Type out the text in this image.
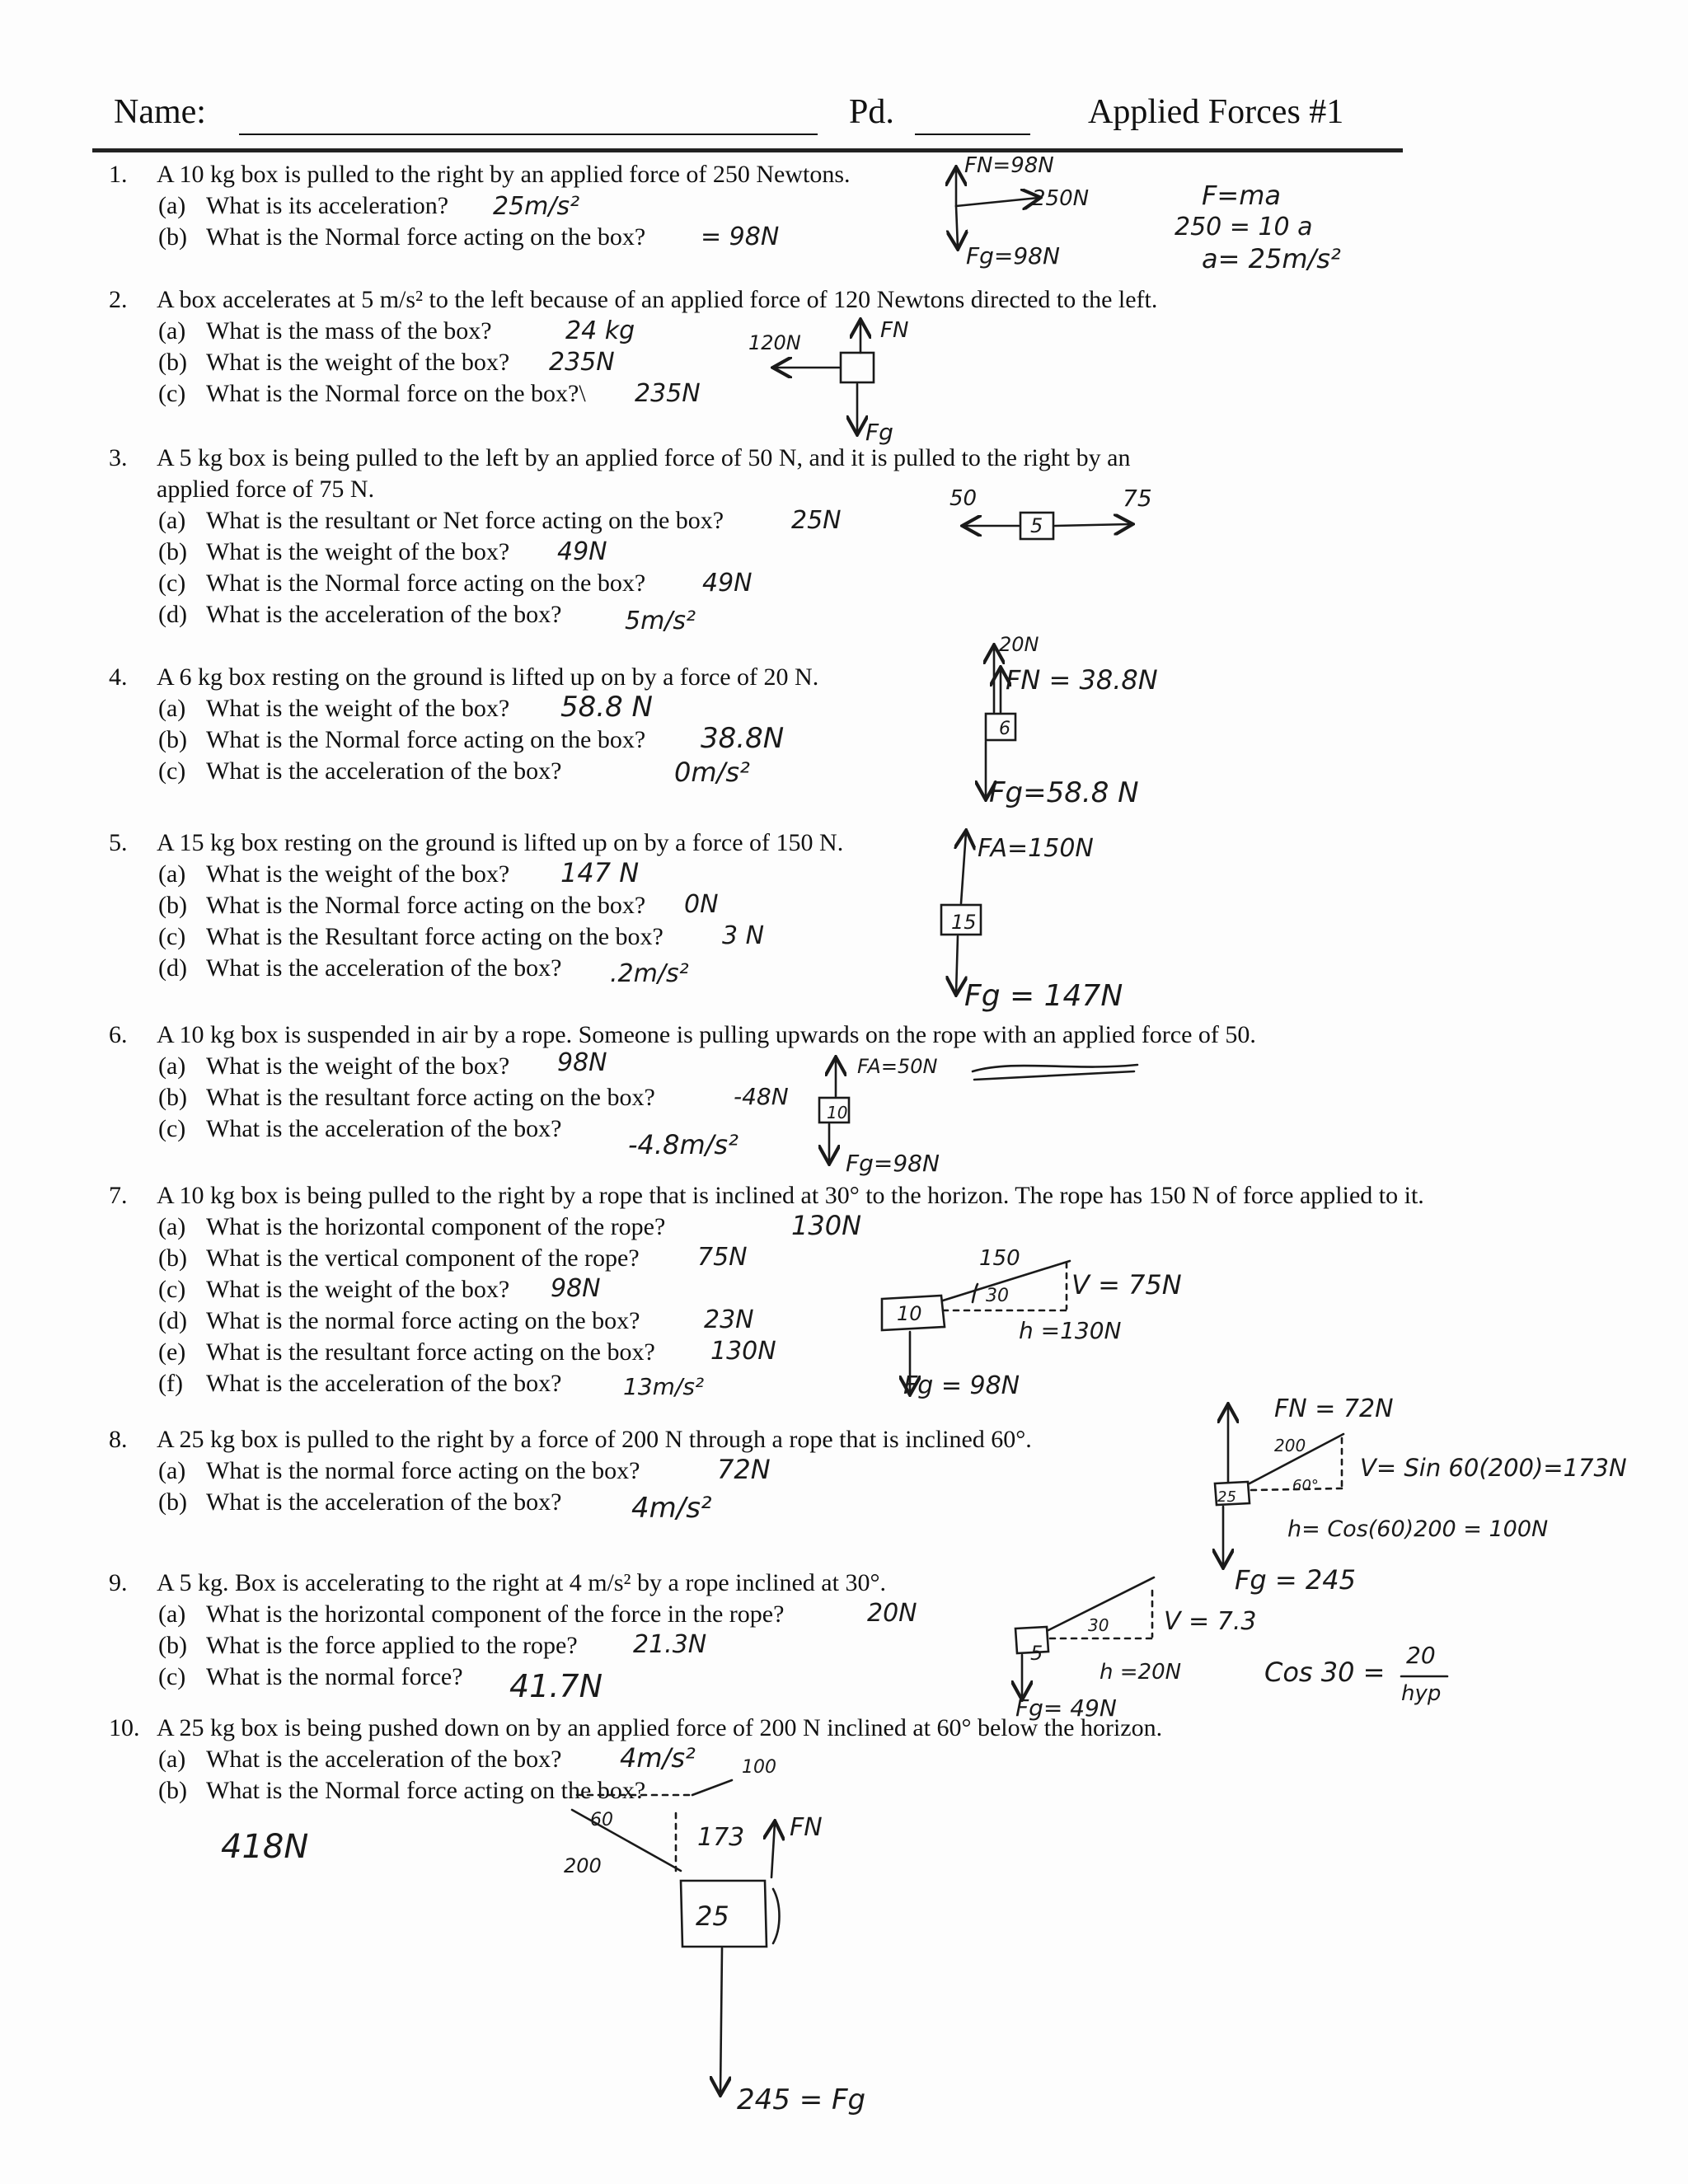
Name:	Pd.	Applied Forces #1
1. A 10 kg box is pulled to the right by an applied force of 250 Newtons.
(a) What is its acceleration? 25m/s²
(b) What is the Normal force acting on the box? = 98N
FN=98N
250N
Fg=98N
F=ma
250 = 10 a
a= 25m/s²
2. A box accelerates at 5 m/s² to the left because of an applied force of 120 Newtons directed to the left.
(a) What is the mass of the box?	24 kg
(b) What is the weight of the box? 235N
(c) What is the Normal force on the box?\ 235N
120N	FN
Fg
3. A 5 kg box is being pulled to the left by an applied force of 50 N, and it is pulled to the right by an
applied force of 75 N.
(a) What is the resultant or Net force acting on the box?	25N
(b) What is the weight of the box? 49N
(c) What is the Normal force acting on the box? 49N
(d) What is the acceleration of the box?	5m/s²
50	75
5
4. A 6 kg box resting on the ground is lifted up on by a force of 20 N.
(a) What is the weight of the box? 58.8 N
(b) What is the Normal force acting on the box? 38.8N
(c) What is the acceleration of the box?	0m/s²
20N
FN = 38.8N
6
Fg=58.8 N
5. A 15 kg box resting on the ground is lifted up on by a force of 150 N.
(a) What is the weight of the box? 147 N
(b) What is the Normal force acting on the box? 0N
(c) What is the Resultant force acting on the box? 3 N
(d) What is the acceleration of the box? .2m/s²
FA=150N
15
Fg = 147N
6. A 10 kg box is suspended in air by a rope. Someone is pulling upwards on the rope with an applied force of 50.
(a) What is the weight of the box? 98N
(b) What is the resultant force acting on the box?	-48N
(c) What is the acceleration of the box?
-4.8m/s²
FA=50N
10
Fg=98N
7. A 10 kg box is being pulled to the right by a rope that is inclined at 30° to the horizon. The rope has 150 N of force applied to it.
(a) What is the horizontal component of the rope?	130N
(b) What is the vertical component of the rope? 75N
(c) What is the weight of the box? 98N
(d) What is the normal force acting on the box?	23N
(e) What is the resultant force acting on the box? 130N
(f) What is the acceleration of the box?	13m/s²
150
30 V = 75N
h =130N
10
Fg = 98N
8. A 25 kg box is pulled to the right by a force of 200 N through a rope that is inclined 60°.
(a) What is the normal force acting on the box?	72N
(b) What is the acceleration of the box? 4m/s²
FN = 72N
200
60°
V= Sin 60(200)=173N
h= Cos(60)200 = 100N
25
Fg = 245
9. A 5 kg. Box is accelerating to the right at 4 m/s² by a rope inclined at 30°.
(a) What is the horizontal component of the force in the rope?	20N
(b) What is the force applied to the rope? 21.3N
(c) What is the normal force? 41.7N
30 V = 7.3
h =20N
5
Fg= 49N
Cos 30 =
20
hyp
10. A 25 kg box is being pushed down on by an applied force of 200 N inclined at 60° below the horizon.
(a) What is the acceleration of the box? 4m/s²
(b) What is the Normal force acting on the box?
418N
100
60
173 FN
200
25
245 = Fg
